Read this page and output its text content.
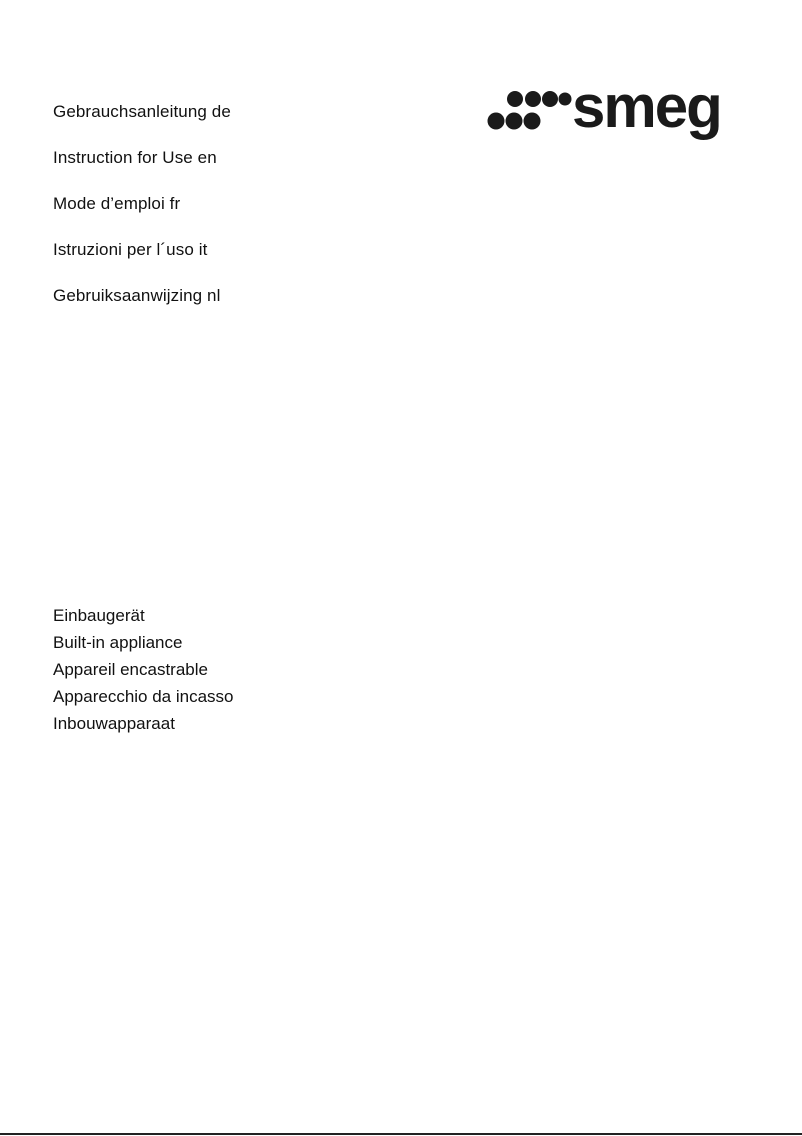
Gebrauchsanleitung de
Instruction for Use en
Mode d’emploi fr
Istruzioni per l´uso it
Gebruiksaanwijzing nl
smeg
Einbaugerät
Built-in appliance
Appareil encastrable
Apparecchio da incasso
Inbouwapparaat
